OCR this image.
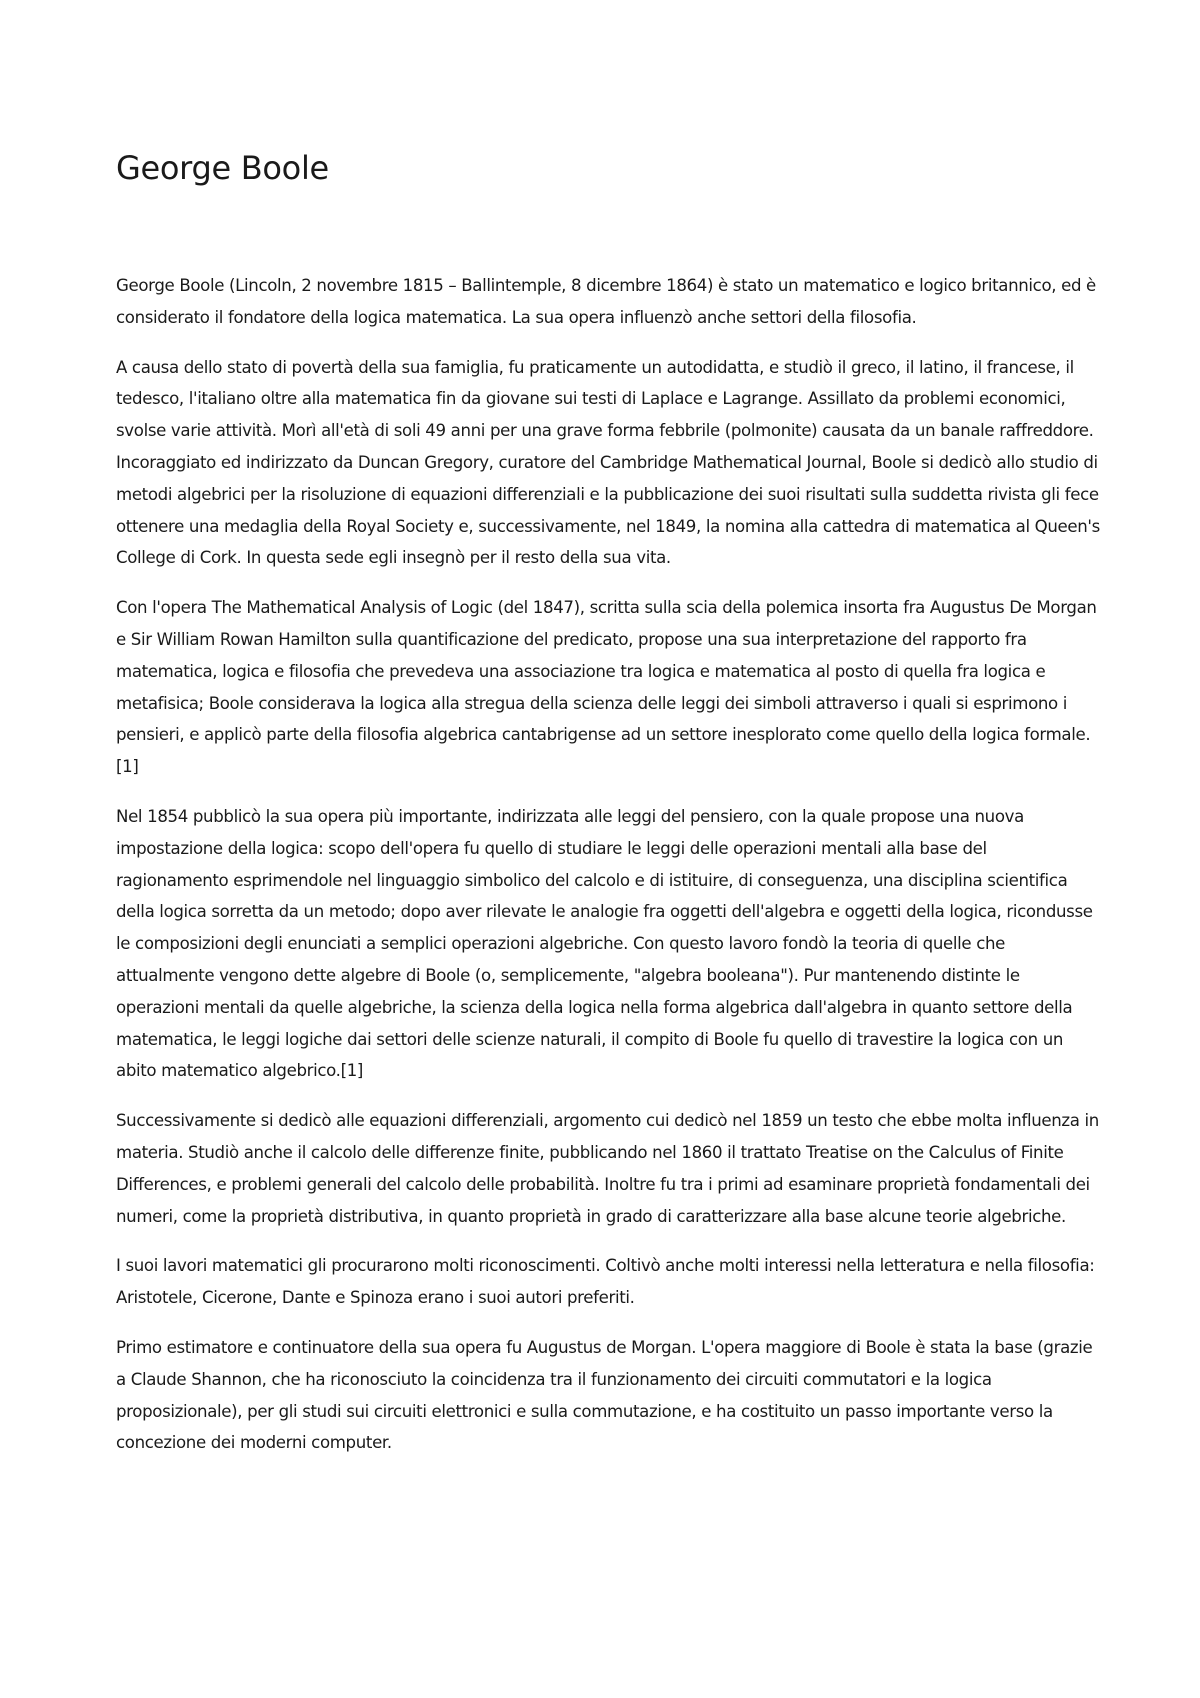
George Boole

George Boole (Lincoln, 2 novembre 1815 – Ballintemple, 8 dicembre 1864) è stato un matematico e logico britannico, ed è considerato il fondatore della logica matematica. La sua opera influenzò anche settori della filosofia.

A causa dello stato di povertà della sua famiglia, fu praticamente un autodidatta, e studiò il greco, il latino, il francese, il tedesco, l'italiano oltre alla matematica fin da giovane sui testi di Laplace e Lagrange. Assillato da problemi economici, svolse varie attività. Morì all'età di soli 49 anni per una grave forma febbrile (polmonite) causata da un banale raffreddore. Incoraggiato ed indirizzato da Duncan Gregory, curatore del Cambridge Mathematical Journal, Boole si dedicò allo studio di metodi algebrici per la risoluzione di equazioni differenziali e la pubblicazione dei suoi risultati sulla suddetta rivista gli fece ottenere una medaglia della Royal Society e, successivamente, nel 1849, la nomina alla cattedra di matematica al Queen's College di Cork. In questa sede egli insegnò per il resto della sua vita.

Con l'opera The Mathematical Analysis of Logic (del 1847), scritta sulla scia della polemica insorta fra Augustus De Morgan e Sir William Rowan Hamilton sulla quantificazione del predicato, propose una sua interpretazione del rapporto fra matematica, logica e filosofia che prevedeva una associazione tra logica e matematica al posto di quella fra logica e metafisica; Boole considerava la logica alla stregua della scienza delle leggi dei simboli attraverso i quali si esprimono i pensieri, e applicò parte della filosofia algebrica cantabrigense ad un settore inesplorato come quello della logica formale.[1]

Nel 1854 pubblicò la sua opera più importante, indirizzata alle leggi del pensiero, con la quale propose una nuova impostazione della logica: scopo dell'opera fu quello di studiare le leggi delle operazioni mentali alla base del ragionamento esprimendole nel linguaggio simbolico del calcolo e di istituire, di conseguenza, una disciplina scientifica della logica sorretta da un metodo; dopo aver rilevate le analogie fra oggetti dell'algebra e oggetti della logica, ricondusse le composizioni degli enunciati a semplici operazioni algebriche. Con questo lavoro fondò la teoria di quelle che attualmente vengono dette algebre di Boole (o, semplicemente, "algebra booleana"). Pur mantenendo distinte le operazioni mentali da quelle algebriche, la scienza della logica nella forma algebrica dall'algebra in quanto settore della matematica, le leggi logiche dai settori delle scienze naturali, il compito di Boole fu quello di travestire la logica con un abito matematico algebrico.[1]

Successivamente si dedicò alle equazioni differenziali, argomento cui dedicò nel 1859 un testo che ebbe molta influenza in materia. Studiò anche il calcolo delle differenze finite, pubblicando nel 1860 il trattato Treatise on the Calculus of Finite Differences, e problemi generali del calcolo delle probabilità. Inoltre fu tra i primi ad esaminare proprietà fondamentali dei numeri, come la proprietà distributiva, in quanto proprietà in grado di caratterizzare alla base alcune teorie algebriche.

I suoi lavori matematici gli procurarono molti riconoscimenti. Coltivò anche molti interessi nella letteratura e nella filosofia: Aristotele, Cicerone, Dante e Spinoza erano i suoi autori preferiti.

Primo estimatore e continuatore della sua opera fu Augustus de Morgan. L'opera maggiore di Boole è stata la base (grazie a Claude Shannon, che ha riconosciuto la coincidenza tra il funzionamento dei circuiti commutatori e la logica proposizionale), per gli studi sui circuiti elettronici e sulla commutazione, e ha costituito un passo importante verso la concezione dei moderni computer.
